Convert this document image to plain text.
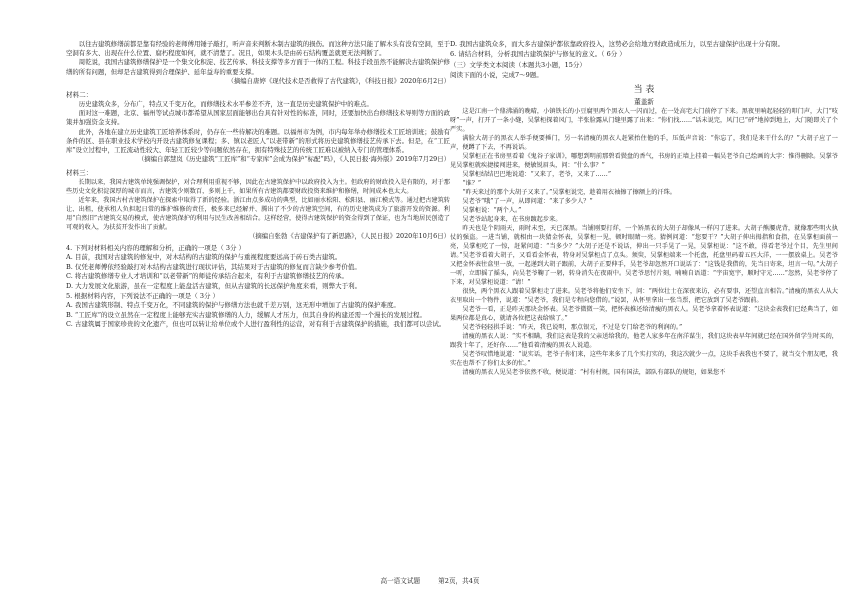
以往古建筑修缮前都是靠有经验的老师傅用锤子敲打，听声音来判断木制古建筑的损伤。而这种方法只能了解木头有没有空洞，至于空洞有多大、出现在什么位置、腐朽程度如何，就不清楚了。况且，如果木头是由砖石结构覆盖就更无法判断了。

周乾说，我国古建筑修缮保护是一个集文化积淀、技艺传承、科技支撑等多方面于一体的工程。科技手段虽然不能解决古建筑保护修缮的所有问题，但却是古建筑得到合理保护、延年益寿的重要支撑。

（摘编自唐婷《现代技术是否救得了古代建筑》，《科技日报》2020年6月2日）

材料二：

历史建筑众多，分布广，特点又千变万化，而修缮技术水平参差不齐，这一直是历史建筑保护中的难点。

面对这一难题，北京、福州等试点城市都希望从国家层面能够出台具有针对性的标准，同时，还要加快出台修缮技术导则等方面的政策并加强资金支持。

此外，各地在建立历史建筑工匠培养体系时，仍存在一些待解决的难题。以福州市为例，市内每年举办修缮技术工匠培训班；鼓励有条件的区、县在职业技术学校内开设古建筑修复课程；多、镇以老匠人“以老带新”的形式将历史建筑修缮技艺传承下去。但是，在“工匠库”设立过程中，工匠流动性较大、年轻工匠较少等问题依然存在，拥有特殊技艺的传统工匠难以被纳入专门的管理体系。

（摘编自郭慧岚《历史建筑“工匠库”和“专家库”会成为保护“标配”吗》，《人民日报·海外版》2019年7月29日）

材料三：

长期以来，我国古建筑单纯强调保护，对合理利用重视不够，因此在古建筑保护中以政府投入为主。但政府的财政投入是有限的，对于那些历史文化积淀深厚的城市而言，古建筑少则数百，多则上千，如果所有古建筑都要财政投资来维护和修缮，时间成本也太大。

近年来，我国古村古建筑保护在探索中取得了新的经验。浙江由点多成功的典型，比如丽水松阳、松阳县、丽江模式等。通过把古建筑转让、出租，使承租人负担起日常的维护维修的责任，极多来已经解并、腾出了不少的古建筑空间，有的历史建筑成为了旅游开发的资源。利用“自然旧”古建筑交易的模式，使古建筑保护的利用与民生改善相结合。这样经营，使得古建筑保护的资金得到了保证，也为当地居民创造了可观的收入，为扶贫开发作出了贡献。

（摘编自张勃《古建保护有了新思路》，《人民日报》2020年10月6日）

4. 下列对材料相关内容的理解和分析，正确的一项是（ 3分 ）

A. 目前，我国对古建筑的修复中，对木结构的古建筑的保护与重视程度要远高于砖石类古建筑。

B. 仅凭老师傅依经验敲打对木结构古建筑进行现状评估，其结果对于古建筑的修复而言缺少参考价值。

C. 将古建筑修缮专业人才培训和“以老带新”的师徒传承结合起来，有利于古建筑修缮技艺的传承。

D. 大力发展文化旅游，虽在一定程度上能盘活古建筑，但从古建筑的长远保护角度来看，则弊大于利。

5. 根据材料内容，下列说法不正确的一项是（ 3分 ）

A. 我国古建筑形制、特点千变万化，不同建筑的保护与修缮方法也就千差万别，这无形中增加了古建筑的保护难度。

B. “工匠库”的设立虽然在一定程度上能够充实古建筑修缮的人力，缓解人才压力，但其自身的构建还需一个漫长的发展过程。

C. 古建筑属于国家珍贵的文化遗产，但也可以转让给单位或个人进行盈利性的运营，对有利于古建筑保护的措施，我们都可以尝试。

D. 我国古建筑众多，而大多古建保护都依靠政府投入，这势必会给地方财政造成压力，以至古建保护出现十分有限。

6. 请结合材料，分析我国古建筑保护与修复的意义。（ 6分 ）

（三）文学类文本阅读（本题共3小题，15分）

阅读下面的小说，完成7～9题。

当 表

董盖新

这是江南一个鼎沸涌的晚晴，小镇铁长的小豆腐里两个黑衣人一闪而过，在一处高宅大门前停了下来。黑夜里响起轻轻的叩门声，大门“吱呀”一声，打开了一条小缝，吴掌柜探着风门，半张脸露从门缝里露了出来：“你们找……”话未说完，风门已“砰”地掉到地上，大门随即关了个严实。

满脸大胡子的黑衣人举手便要捶门，另一名清瘦的黑衣人赶紧抬住他的手，压低声音说：“你忘了，我们是来干什么的？”大胡子应了一声，便蹲了下去，不再说话。

吴掌柜正在书房里看着《鬼谷子家训》，哪想到明前那碧看鬓盘的香气，书房的正墙上挂着一幅吴老爷自己绘画的大字：惟得删除。吴掌爷见吴掌柜就疾捷接闯进来，便敏锐眉头，问：“什么事？”

吴掌柜结结巴巴地说道：“又来了，老爷，又来了……”

“谁？”

“昨天来过的那个大胡子又来了。”吴掌柜说完，趁着用衣袖擦了擦额上的汗珠。

吴老爷“哦”了一声，从即问道：“来了多少人？”

吴掌柜说：“两个人。”

吴老爷站起身来，在书房踱起步来。

昨天也是个阴雨天，雨时未至，天已深黑。当铺刚要打烊，一个矫黑衣的大胡子却像风一样闪了进来。大胡子熊腰虎背，就像那些明火执仗的强盗。一进当铺，就相由一块猜金怀表，吴掌柜一见，顿时眼睛一亮。猜例问道：“您要干？”大胡子伸出拇指和食指，在吴掌柜面前一亮，吴掌柜吃了一惊，赶紧问道：“当多少？”大胡子还是不说话，伸出一只手晃了一晃，吴掌柜说：“这不敢，得看老爷过个目，先生里间请。”吴老爷看着大胡子，又看看金怀表，特身对吴掌柜点了点头。须臾，吴掌柜端来一个托盘，托盘里码着五匹大洋，一一摆放桌上。吴老爷又把金怀表往盒里一放，一起递到大胡子跟前，大胡子正要伸手，吴老爷却忽然开口说话了：“这钱是我借的，先当日寄来，坦言一句。”大胡子一听，立即摇了摇头，向吴老爷鞠了一躬，转身消失在夜雨中。吴老爷思忖片刻，喃喃自语道：“宇宙宽宇，顺时守元……”忽然，吴老爷停了下来，对吴掌柜说道：“请！”

很快，两个黑衣人跟着吴掌柜走了进来。吴老爷将他们安坐下，问：“两位壮士在深夜来访，必有要事，还望直言相告。”清瘦的黑衣人从大衣里取出一个物件，说道：“吴老爷，我们是专程向您借的。”说罢，从怀里拿出一张当票，把它放到了吴老爷跟前。

吴老爷一看，正是昨天那块金怀表。吴老爷微微一笑，把怀表推还给清瘦的黑衣人。吴老爷拿着怀表说道：“这块金表我们已经典当了，如果两位都是真心，就请各位把这表给赎了。”

吴老爷轻轻拱手说：“昨天，我已说明，那点银元，不过是专门给老爷的利润的。”

清瘦的黑衣人说：“实不相瞒，我们这表是我的父亲送给我的，他老人家多年在南洋谋生，我们这块表早年间就已经在国外留学生时买的，跟我十年了，还好你……”他看着清瘦的黑衣人说道。

吴老爷叹惜地说道：“说实话，老爷子你们来，这些年来多了几个实打实的，我这次就少一点，这块手表我也不要了，就当交个朋友吧，我实在也帮不了你们太多的忙。”

清瘦的黑衣人见吴老爷依然不收，便说道：“村有村规，国有国法，部队有部队的规矩，如果您不

高一语文试题	第2页，共4页
